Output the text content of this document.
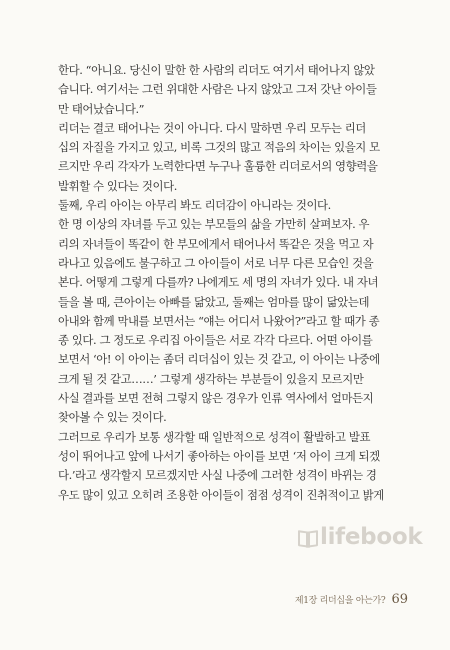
한다. “아니요. 당신이 말한 한 사람의 리더도 여기서 태어나지 않았
습니다. 여기서는 그런 위대한 사람은 나지 않았고 그저 갓난 아이들
만 태어났습니다.”
리더는 결코 태어나는 것이 아니다. 다시 말하면 우리 모두는 리더
십의 자질을 가지고 있고, 비록 그것의 많고 적음의 차이는 있을지 모
르지만 우리 각자가 노력한다면 누구나 훌륭한 리더로서의 영향력을
발휘할 수 있다는 것이다.
둘째, 우리 아이는 아무리 봐도 리더감이 아니라는 것이다.
한 명 이상의 자녀를 두고 있는 부모들의 삶을 가만히 살펴보자. 우
리의 자녀들이 똑같이 한 부모에게서 태어나서 똑같은 것을 먹고 자
라나고 있음에도 불구하고 그 아이들이 서로 너무 다른 모습인 것을
본다. 어떻게 그렇게 다를까? 나에게도 세 명의 자녀가 있다. 내 자녀
들을 볼 때, 큰아이는 아빠를 닮았고, 둘째는 엄마를 많이 닮았는데
아내와 함께 막내를 보면서는 “얘는 어디서 나왔어?”라고 할 때가 종
종 있다. 그 정도로 우리집 아이들은 서로 각각 다르다. 어떤 아이를
보면서 ‘아! 이 아이는 좀더 리더십이 있는 것 같고, 이 아이는 나중에
크게 될 것 같고……’ 그렇게 생각하는 부분들이 있을지 모르지만
사실 결과를 보면 전혀 그렇지 않은 경우가 인류 역사에서 얼마든지
찾아볼 수 있는 것이다.
그러므로 우리가 보통 생각할 때 일반적으로 성격이 활발하고 발표
성이 뛰어나고 앞에 나서기 좋아하는 아이를 보면 ‘저 아이 크게 되겠
다.’라고 생각할지 모르겠지만 사실 나중에 그러한 성격이 바뀌는 경
우도 많이 있고 오히려 조용한 아이들이 점점 성격이 진취적이고 밝게
lifebook
제1장 리더십을 아는가? 69
